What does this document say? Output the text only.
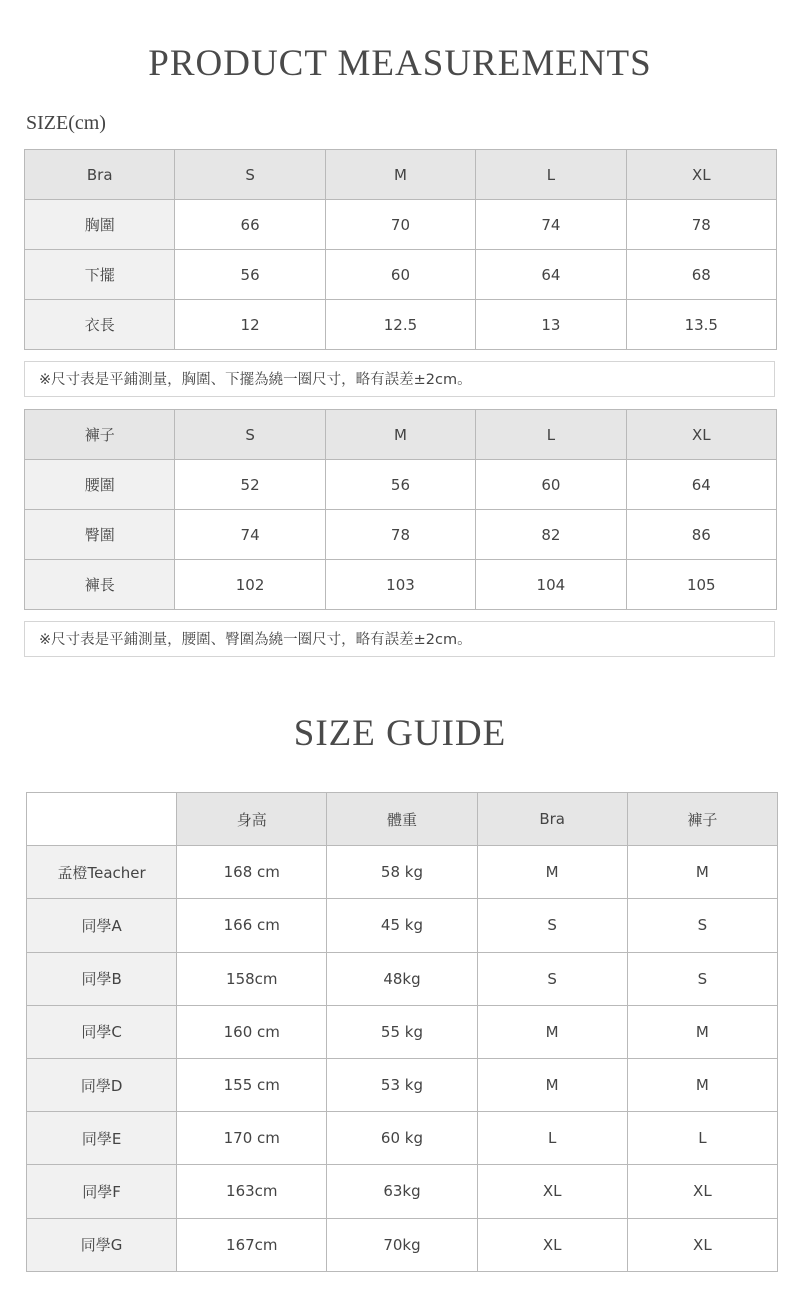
PRODUCT MEASUREMENTS
SIZE(cm)
Bra	S	M	L	XL
胸圍	66	70	74	78
下擺	56	60	64	68
衣長	12	12.5	13	13.5
※尺寸表是平鋪測量，胸圍、下擺為繞一圈尺寸，略有誤差±2cm。
褲子	S	M	L	XL
腰圍	52	56	60	64
臀圍	74	78	82	86
褲長	102	103	104	105
※尺寸表是平鋪測量，腰圍、臀圍為繞一圈尺寸，略有誤差±2cm。
SIZE GUIDE
	身高	體重	Bra	褲子
孟橙Teacher	168 cm	58 kg	M	M
同學A	166 cm	45 kg	S	S
同學B	158cm	48kg	S	S
同學C	160 cm	55 kg	M	M
同學D	155 cm	53 kg	M	M
同學E	170 cm	60 kg	L	L
同學F	163cm	63kg	XL	XL
同學G	167cm	70kg	XL	XL
